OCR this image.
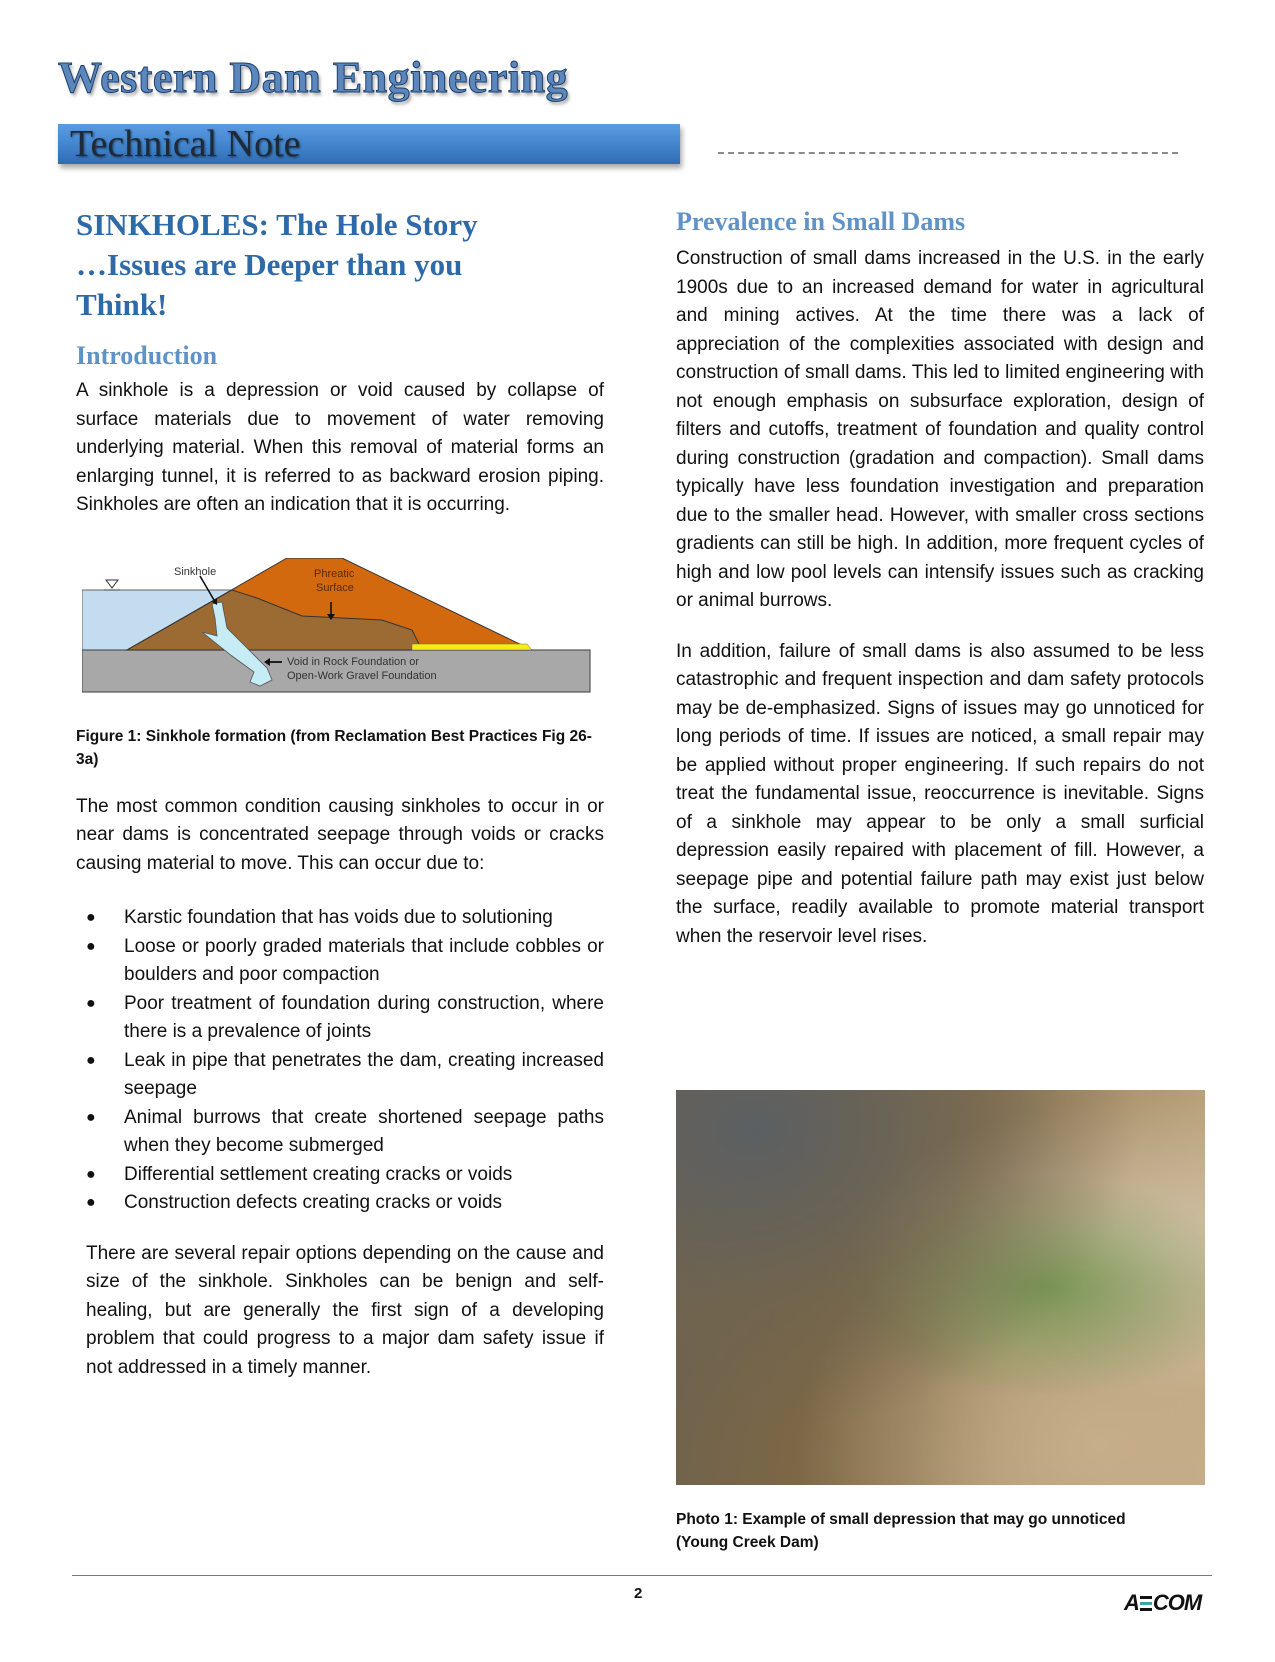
Western Dam Engineering
Technical Note
SINKHOLES: The Hole Story
…Issues are Deeper than you
Think!
Introduction

A sinkhole is a depression or void caused by collapse of surface materials due to movement of water removing underlying material. When this removal of material forms an enlarging tunnel, it is referred to as backward erosion piping. Sinkholes are often an indication that it is occurring.

Sinkhole	Phreatic
Surface
Void in Rock Foundation or
Open-Work Gravel Foundation

Figure 1: Sinkhole formation (from Reclamation Best Practices Fig 26-3a)

The most common condition causing sinkholes to occur in or near dams is concentrated seepage through voids or cracks causing material to move. This can occur due to:

● Karstic foundation that has voids due to solutioning
● Loose or poorly graded materials that include cobbles or boulders and poor compaction
● Poor treatment of foundation during construction, where there is a prevalence of joints
● Leak in pipe that penetrates the dam, creating increased seepage
● Animal burrows that create shortened seepage paths when they become submerged
● Differential settlement creating cracks or voids
● Construction defects creating cracks or voids

There are several repair options depending on the cause and size of the sinkhole. Sinkholes can be benign and self-healing, but are generally the first sign of a developing problem that could progress to a major dam safety issue if not addressed in a timely manner.

Prevalence in Small Dams

Construction of small dams increased in the U.S. in the early 1900s due to an increased demand for water in agricultural and mining actives. At the time there was a lack of appreciation of the complexities associated with design and construction of small dams. This led to limited engineering with not enough emphasis on subsurface exploration, design of filters and cutoffs, treatment of foundation and quality control during construction (gradation and compaction). Small dams typically have less foundation investigation and preparation due to the smaller head. However, with smaller cross sections gradients can still be high. In addition, more frequent cycles of high and low pool levels can intensify issues such as cracking or animal burrows.

In addition, failure of small dams is also assumed to be less catastrophic and frequent inspection and dam safety protocols may be de-emphasized. Signs of issues may go unnoticed for long periods of time. If issues are noticed, a small repair may be applied without proper engineering. If such repairs do not treat the fundamental issue, reoccurrence is inevitable. Signs of a sinkhole may appear to be only a small surficial depression easily repaired with placement of fill. However, a seepage pipe and potential failure path may exist just below the surface, readily available to promote material transport when the reservoir level rises.

Photo 1: Example of small depression that may go unnoticed
(Young Creek Dam)
2	A COM
